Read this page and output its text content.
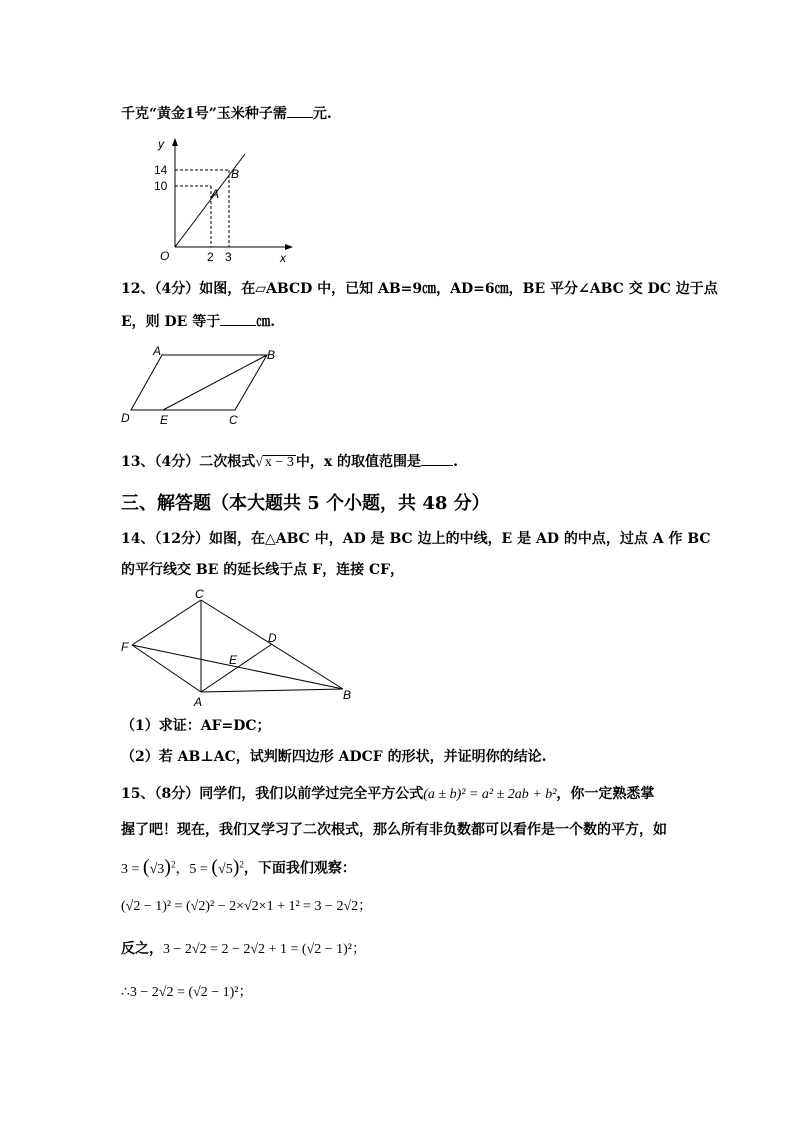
千克“黄金1号”玉米种子需 元.
y
x
O
14
10
2 3
A
B
12、（4分）如图，在▱ABCD 中，已知 AB=9㎝，AD=6㎝，BE 平分∠ABC 交 DC 边于点
E，则 DE 等于	㎝.
A	B
C
D	E
13、（4分）二次根式√ x − 3 中，x 的取值范围是 .
三、解答题（本大题共 5 个小题，共 48 分）
14、（12分）如图，在△ABC 中，AD 是 BC 边上的中线，E 是 AD 的中点，过点 A 作 BC
的平行线交 BE 的延长线于点 F，连接 CF，
C
D
E
F
A	B
（1）求证：AF=DC；
（2）若 AB⊥AC，试判断四边形 ADCF 的形状，并证明你的结论.
15、（8分）同学们，我们以前学过完全平方公式(a ± b)² = a² ± 2ab + b²，你一定熟悉掌
握了吧！现在，我们又学习了二次根式，那么所有非负数都可以看作是一个数的平方，如
$3 = (√3)^2$，$5 = (√5)^2$，下面我们观察：
(√2 − 1)² = (√2)² − 2×√2×1 + 1² = 3 − 2√2；
反之，3 − 2√2 = 2 − 2√2 + 1 = (√2 − 1)²；
∴3 − 2√2 = (√2 − 1)²；
